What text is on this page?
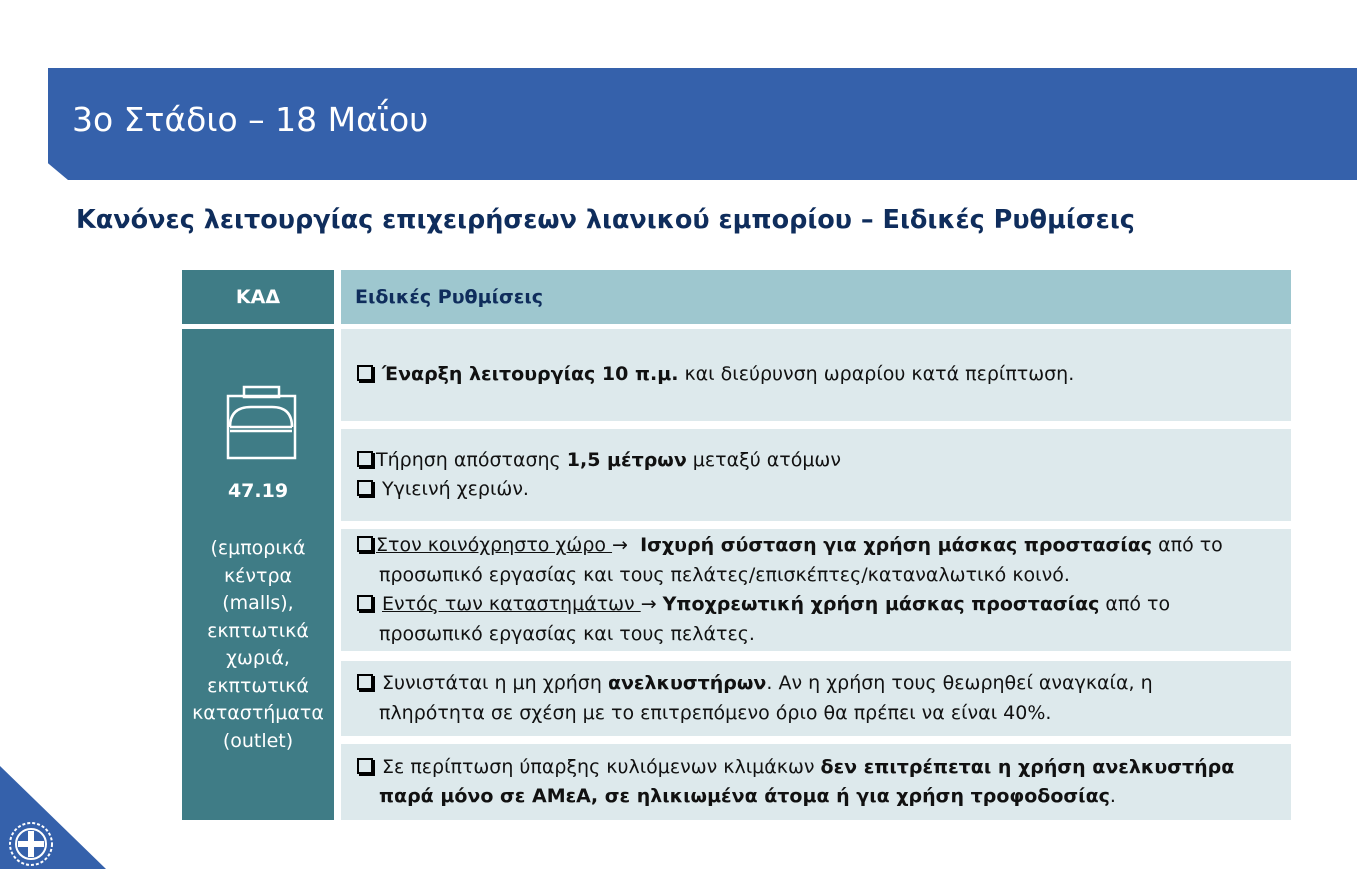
3ο Στάδιο – 18 Μαΐου
Κανόνες λειτουργίας επιχειρήσεων λιανικού εμπορίου – Ειδικές Ρυθμίσεις
ΚΑΔ	Ειδικές Ρυθμίσεις
47.19
(εμπορικά
κέντρα
(malls),
εκπτωτικά
χωριά,
εκπτωτικά
καταστήματα
(outlet)
Έναρξη λειτουργίας 10 π.μ. και διεύρυνση ωραρίου κατά περίπτωση.
Τήρηση απόστασης 1,5 μέτρων μεταξύ ατόμων
Υγιεινή χεριών.
Στον κοινόχρηστο χώρο → Ισχυρή σύσταση για χρήση μάσκας προστασίας από το
προσωπικό εργασίας και τους πελάτες/επισκέπτες/καταναλωτικό κοινό.
Εντός των καταστημάτων → Υποχρεωτική χρήση μάσκας προστασίας από το
προσωπικό εργασίας και τους πελάτες.
Συνιστάται η μη χρήση ανελκυστήρων. Αν η χρήση τους θεωρηθεί αναγκαία, η
πληρότητα σε σχέση με το επιτρεπόμενο όριο θα πρέπει να είναι 40%.
Σε περίπτωση ύπαρξης κυλιόμενων κλιμάκων δεν επιτρέπεται η χρήση ανελκυστήρα
παρά μόνο σε ΑΜεΑ, σε ηλικιωμένα άτομα ή για χρήση τροφοδοσίας.
